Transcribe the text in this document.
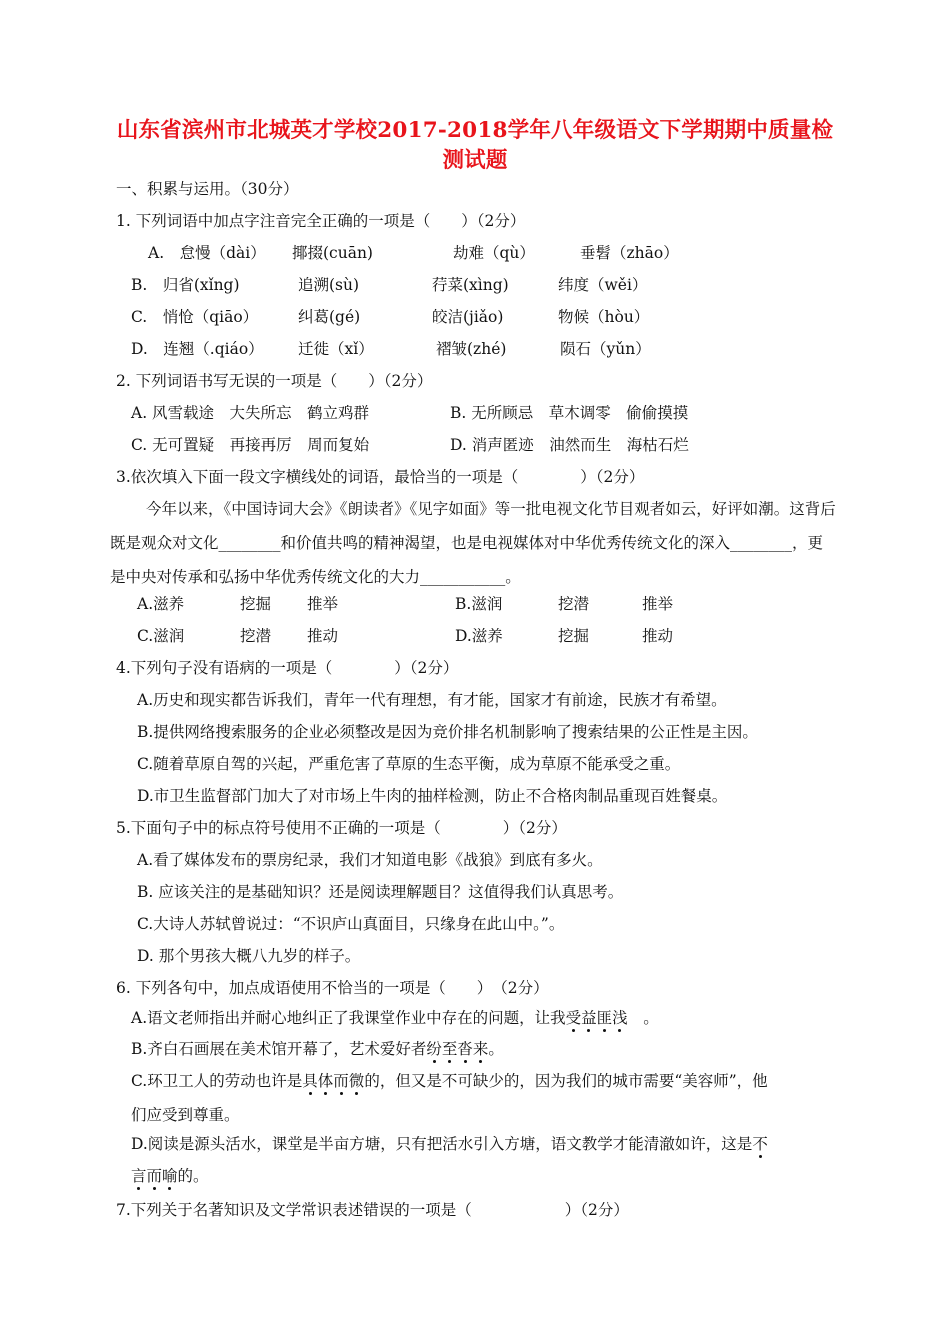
山东省滨州市北城英才学校2017-2018学年八年级语文下学期期中质量检
测试题
一、积累与运用。（30分）
1. 下列词语中加点字注音完全正确的一项是（　　）（2分）
A.　怠慢（dài） 揶掇(cuān)	劫难（qù）	垂髫（zhāo）
B.　归省(xǐng)	追溯(sù)	荇菜(xìng)	纬度（wěi）
C.　悄怆（qiāo）	纠葛(gé)	皎洁(jiǎo)	物候（hòu）
D.　连翘（.qiáo） 迁徙（xǐ）	褶皱(zhé)	陨石（yǔn）
2. 下列词语书写无误的一项是（　　）（2分）
A. 风雪载途　大失所忘　鹤立鸡群	B. 无所顾忌　草木调零　偷偷摸摸
C. 无可置疑　再接再厉　周而复始	D. 消声匿迹　油然而生　海枯石烂
3.依次填入下面一段文字横线处的词语，最恰当的一项是（　　　　）（2分）
今年以来，《中国诗词大会》《朗读者》《见字如面》等一批电视文化节目观者如云，好评如潮。这背后既是观众对文化________和价值共鸣的精神渴望，也是电视媒体对中华优秀传统文化的深入________，更是中央对传承和弘扬中华优秀传统文化的大力___________。
A.滋养	挖掘 推举	B.滋润	挖潜	推举
C.滋润	挖潜 推动	D.滋养	挖掘	推动
4.下列句子没有语病的一项是（　　　　）（2分）
A.历史和现实都告诉我们，青年一代有理想，有才能，国家才有前途，民族才有希望。
B.提供网络搜索服务的企业必须整改是因为竞价排名机制影响了搜索结果的公正性是主因。
C.随着草原自驾的兴起，严重危害了草原的生态平衡，成为草原不能承受之重。
D.市卫生监督部门加大了对市场上牛肉的抽样检测，防止不合格肉制品重现百姓餐桌。
5.下面句子中的标点符号使用不正确的一项是（　　　　）（2分）
A.看了媒体发布的票房纪录，我们才知道电影《战狼》到底有多火。
B. 应该关注的是基础知识？还是阅读理解题目？这值得我们认真思考。
C.大诗人苏轼曾说过：“不识庐山真面目，只缘身在此山中。”。
D. 那个男孩大概八九岁的样子。
6. 下列各句中，加点成语使用不恰当的一项是（　　）　（2分）
A.语文老师指出并耐心地纠正了我课堂作业中存在的问题，让我受益匪浅　。
B.齐白石画展在美术馆开幕了，艺术爱好者纷至沓来。
C.环卫工人的劳动也许是具体而微的，但又是不可缺少的，因为我们的城市需要“美容师”，他
们应受到尊重。
D.阅读是源头活水，课堂是半亩方塘，只有把活水引入方塘，语文教学才能清澈如许，这是不
言而喻的。
7.下列关于名著知识及文学常识表述错误的一项是（　　　　　　）（2分）
